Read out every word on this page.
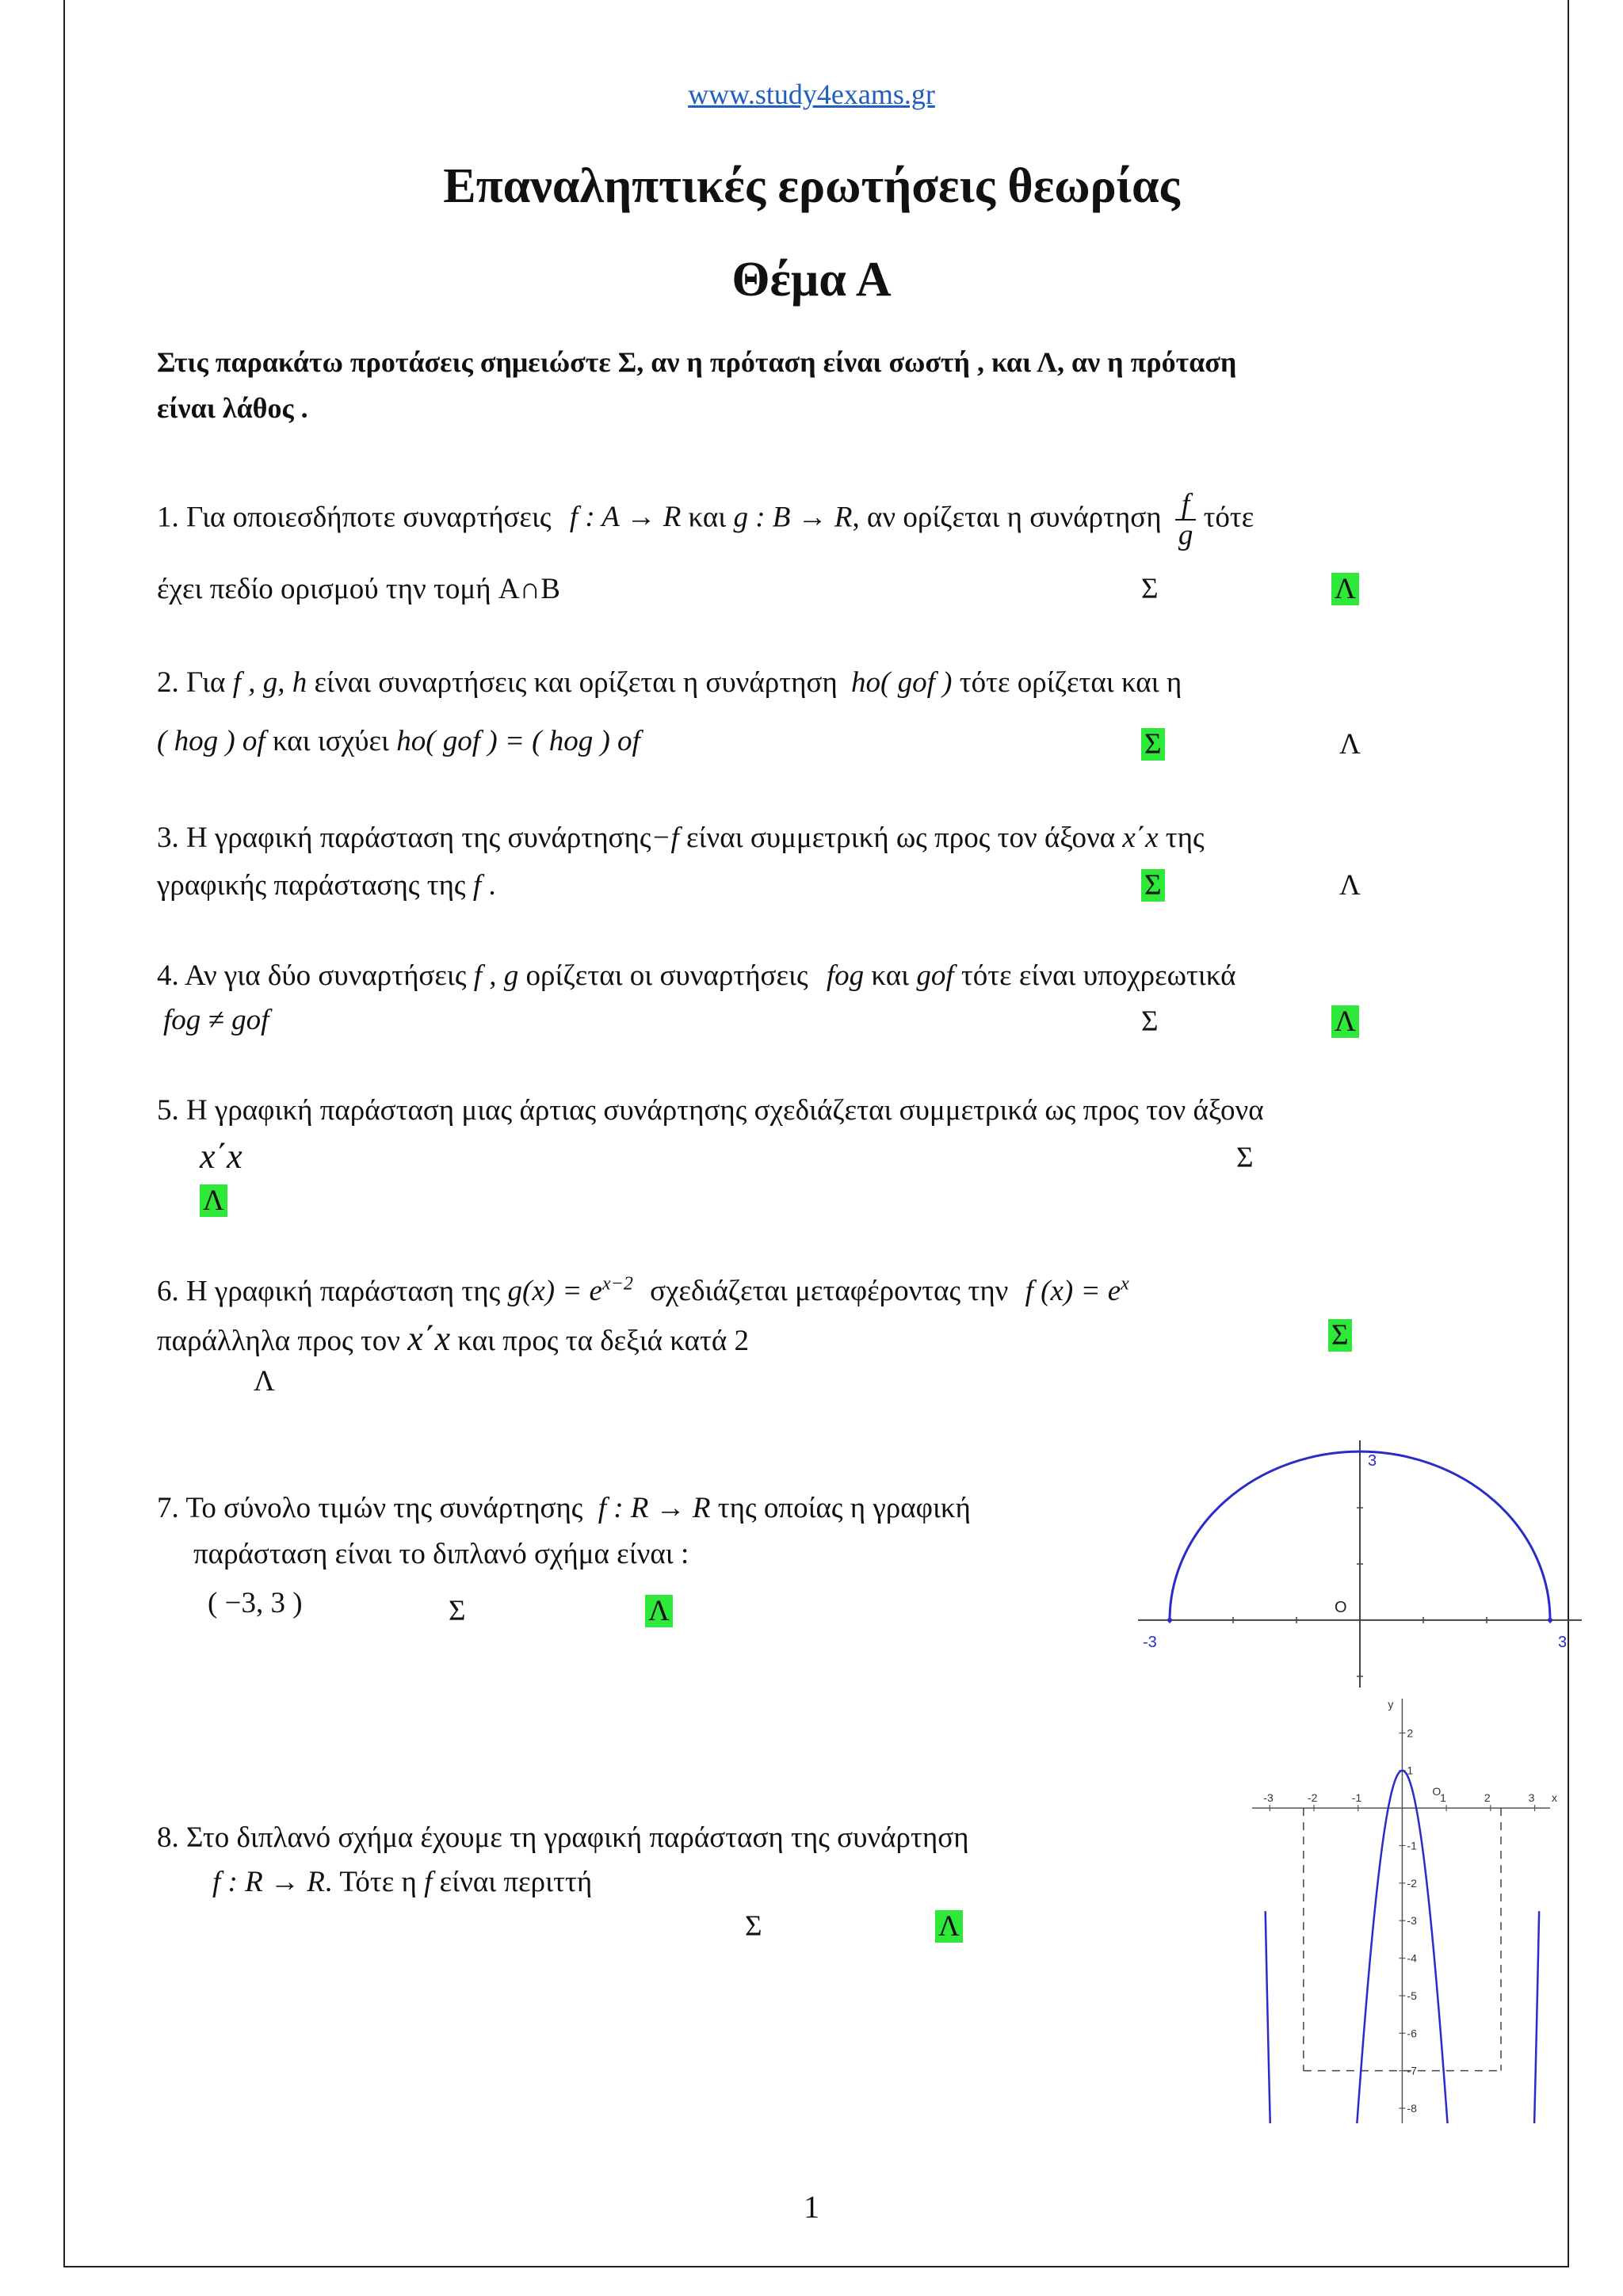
www.study4exams.gr
Επαναληπτικές ερωτήσεις θεωρίας
Θέμα Α
Στις παρακάτω προτάσεις σημειώστε Σ, αν η πρόταση είναι σωστή , και Λ, αν η πρόταση
είναι λάθος .
1. Για οποιεσδήποτε συναρτήσεις f : A → R και g : B → R, αν ορίζεται η συνάρτηση $\frac{f}{g}$ τότε
έχει πεδίο ορισμού την τομή A∩B	Σ	Λ
2. Για f , g, h είναι συναρτήσεις και ορίζεται η συνάρτηση ho( gof ) τότε ορίζεται και η
( hog ) of και ισχύει ho( gof ) = ( hog ) of	Σ	Λ
3. Η γραφική παράσταση της συνάρτησης−f είναι συμμετρική ως προς τον άξονα x΄x της
γραφικής παράστασης της f .	Σ	Λ
4. Αν για δύο συναρτήσεις f , g ορίζεται οι συναρτήσεις fog και gof τότε είναι υποχρεωτικά
fog ≠ gof	Σ	Λ
5. Η γραφική παράσταση μιας άρτιας συνάρτησης σχεδιάζεται συμμετρικά ως προς τον άξονα
x΄x	Σ
Λ
6. Η γραφική παράσταση της $g(x) = e^{x-2}$ σχεδιάζεται μεταφέροντας την f $(x) = e^x$
παράλληλα προς τον x΄x και προς τα δεξιά κατά 2	Σ
Λ
7. Το σύνολο τιμών της συνάρτησης f : R → R της οποίας η γραφική
παράσταση είναι το διπλανό σχήμα είναι :
( −3, 3 )	Σ	Λ
8. Στο διπλανό σχήμα έχουμε τη γραφική παράσταση της συνάρτηση
f : R → R. Τότε η f είναι περιττή
Σ	Λ
-3	3
3
O
x
y
-3	-2	-1	1	2	3
2
1
-1
-2
-3
-4
-5
-6
-7
-8
O
1
